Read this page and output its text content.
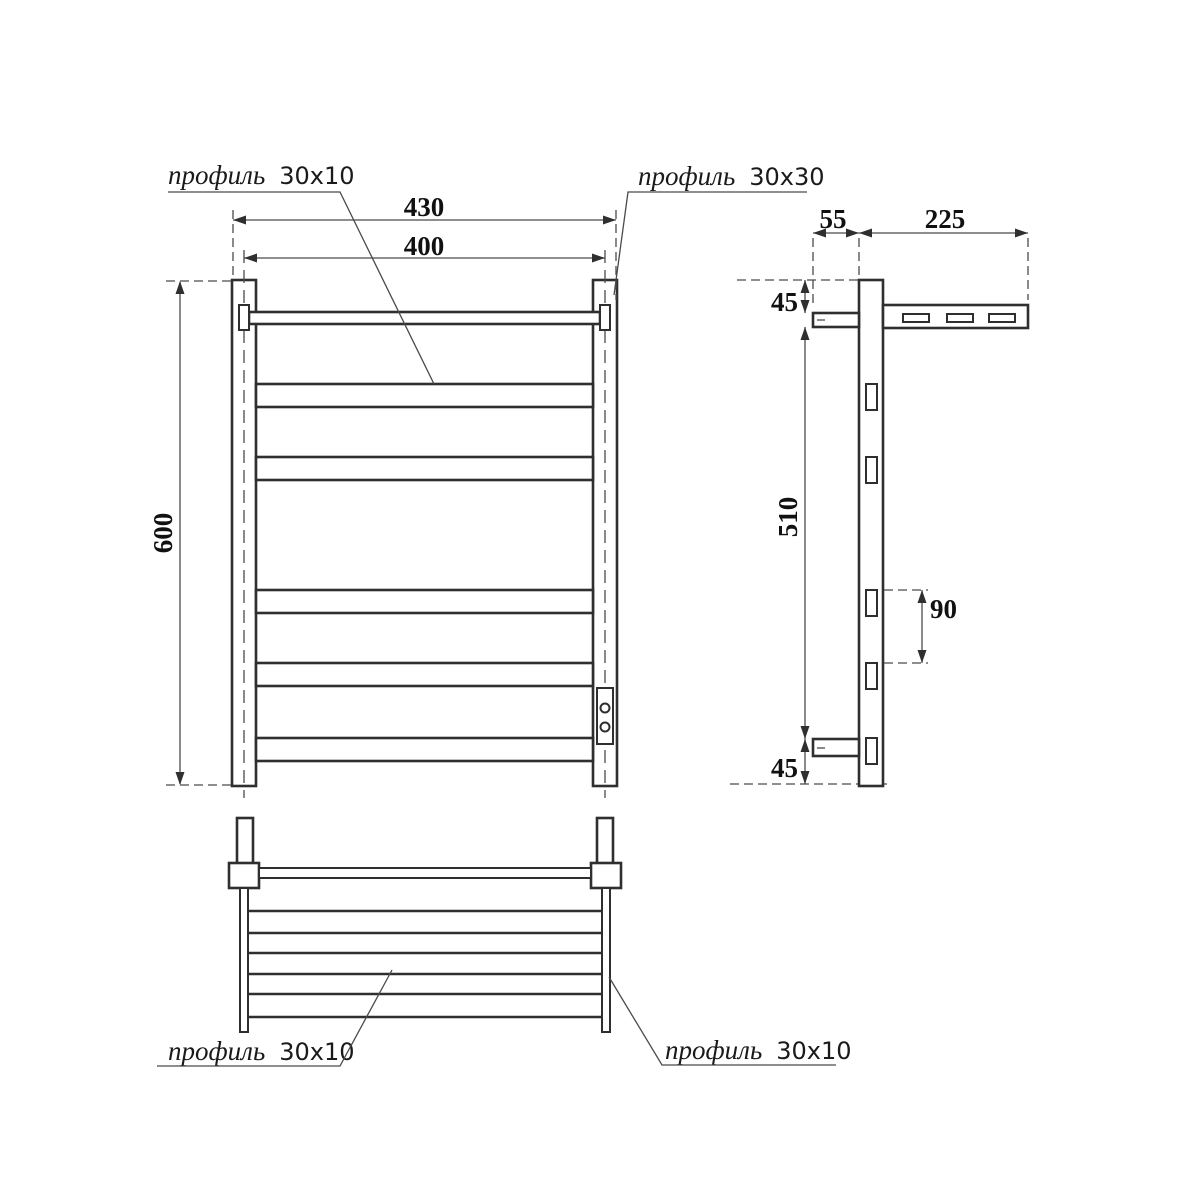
430
400
600
профиль 30x10	профиль 30x30
55	225
45
510
45
90
профиль 30x10	профиль 30x10
